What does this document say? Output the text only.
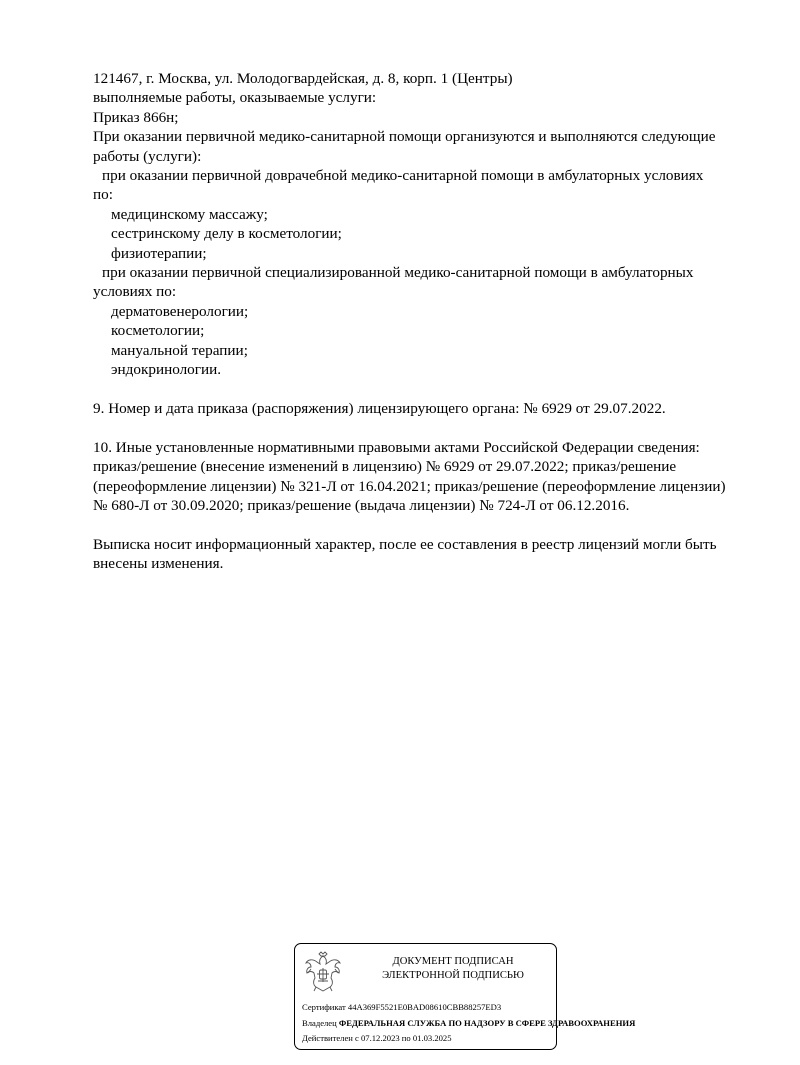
121467, г. Москва, ул. Молодогвардейская, д. 8, корп. 1 (Центры)
выполняемые работы, оказываемые услуги:
Приказ 866н;
При оказании первичной медико-санитарной помощи организуются и выполняются следующие
работы (услуги):
при оказании первичной доврачебной медико-санитарной помощи в амбулаторных условиях
по:
медицинскому массажу;
сестринскому делу в косметологии;
физиотерапии;
при оказании первичной специализированной медико-санитарной помощи в амбулаторных
условиях по:
дерматовенерологии;
косметологии;
мануальной терапии;
эндокринологии.
9. Номер и дата приказа (распоряжения) лицензирующего органа: № 6929 от 29.07.2022.
10. Иные установленные нормативными правовыми актами Российской Федерации сведения:
приказ/решение (внесение изменений в лицензию) № 6929 от 29.07.2022; приказ/решение
(переоформление лицензии) № 321-Л от 16.04.2021; приказ/решение (переоформление лицензии)
№ 680-Л от 30.09.2020; приказ/решение (выдача лицензии) № 724-Л от 06.12.2016.
Выписка носит информационный характер, после ее составления в реестр лицензий могли быть
внесены изменения.
ДОКУМЕНТ ПОДПИСАН
ЭЛЕКТРОННОЙ ПОДПИСЬЮ
Сертификат 44A369F5521E0BAD08610CBB88257ED3
Владелец ФЕДЕРАЛЬНАЯ СЛУЖБА ПО НАДЗОРУ В СФЕРЕ ЗДРАВООХРАНЕНИЯ
Действителен с 07.12.2023 по 01.03.2025
